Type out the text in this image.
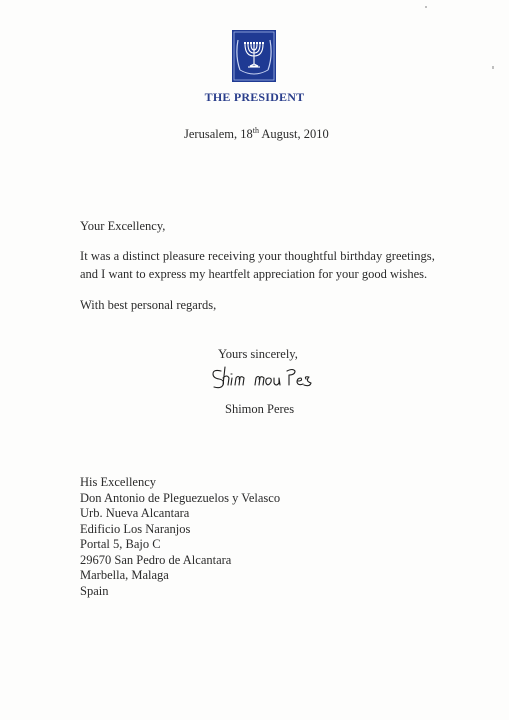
THE PRESIDENT
Jerusalem, 18th August, 2010
Your Excellency,
It was a distinct pleasure receiving your thoughtful birthday greetings,
and I want to express my heartfelt appreciation for your good wishes.
With best personal regards,
Yours sincerely,
Shimon Peres
His Excellency
Don Antonio de Pleguezuelos y Velasco
Urb. Nueva Alcantara
Edificio Los Naranjos
Portal 5, Bajo C
29670 San Pedro de Alcantara
Marbella, Malaga
Spain
